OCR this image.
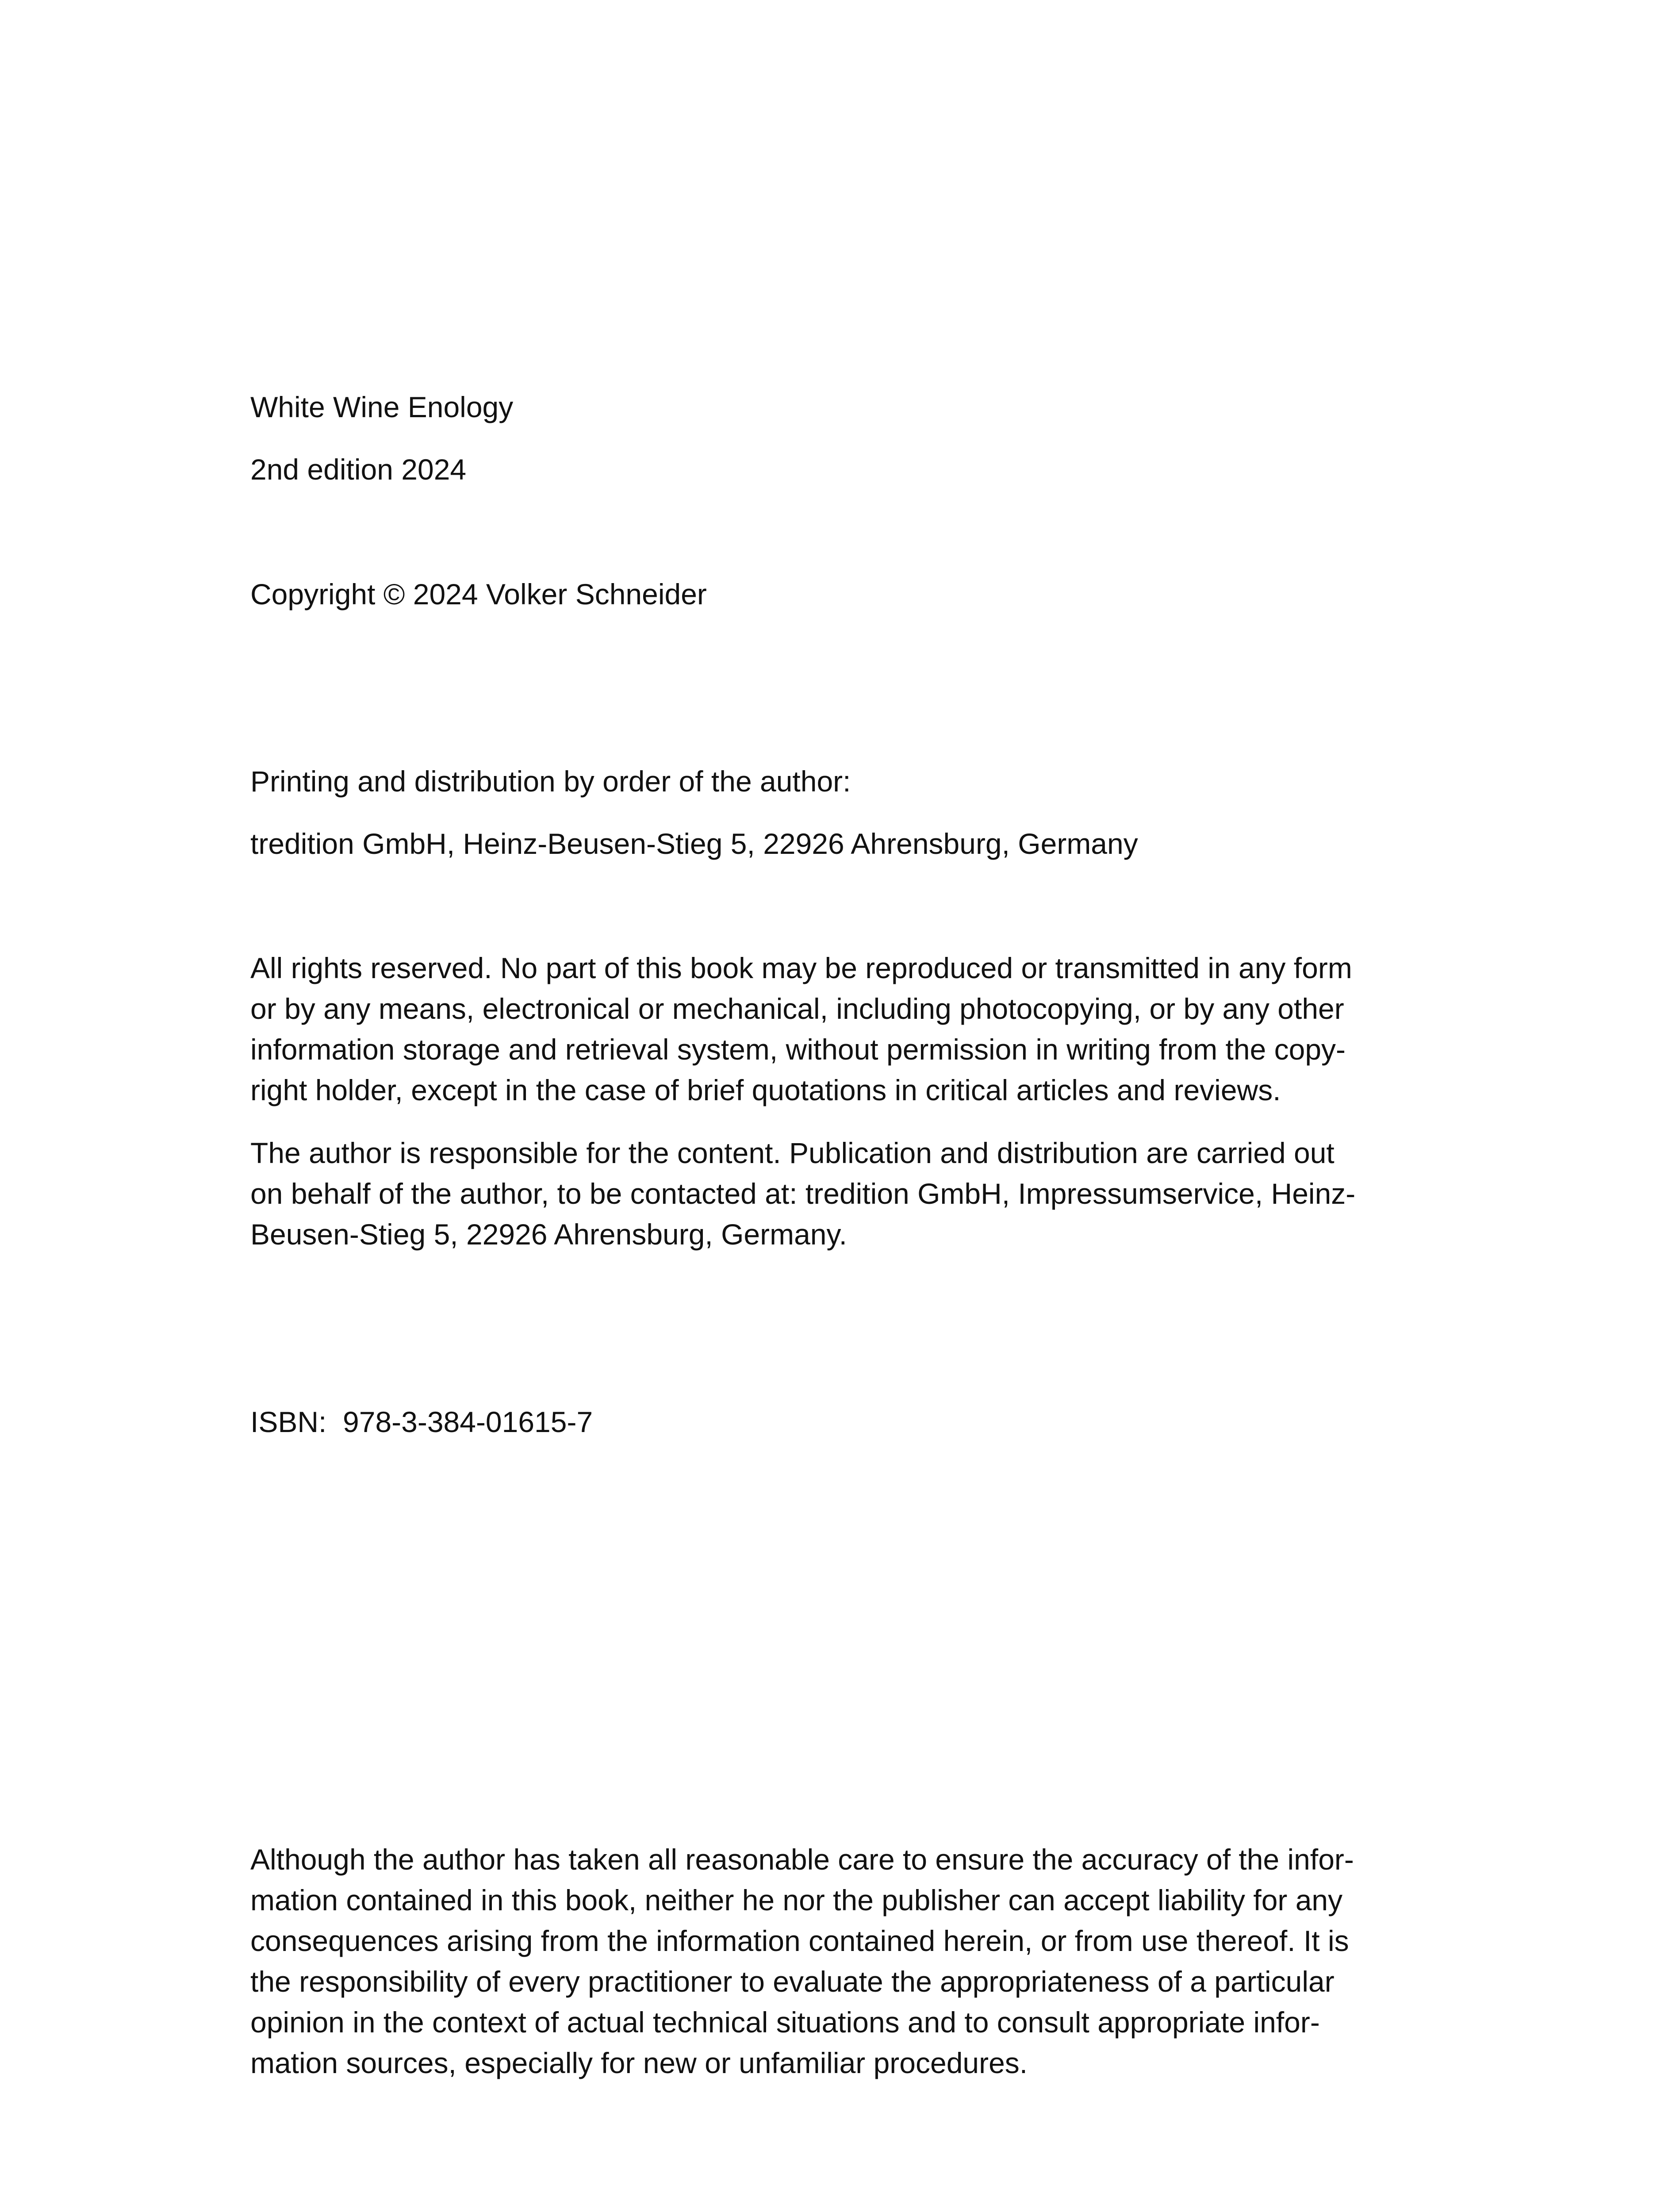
White Wine Enology
2nd edition 2024
Copyright © 2024 Volker Schneider
Printing and distribution by order of the author:
tredition GmbH, Heinz-Beusen-Stieg 5, 22926 Ahrensburg, Germany
All rights reserved. No part of this book may be reproduced or transmitted in any form
or by any means, electronical or mechanical, including photocopying, or by any other
information storage and retrieval system, without permission in writing from the copy-
right holder, except in the case of brief quotations in critical articles and reviews.
The author is responsible for the content. Publication and distribution are carried out
on behalf of the author, to be contacted at: tredition GmbH, Impressumservice, Heinz-
Beusen-Stieg 5, 22926 Ahrensburg, Germany.
ISBN:  978-3-384-01615-7
Although the author has taken all reasonable care to ensure the accuracy of the infor-
mation contained in this book, neither he nor the publisher can accept liability for any
consequences arising from the information contained herein, or from use thereof. It is
the responsibility of every practitioner to evaluate the appropriateness of a particular
opinion in the context of actual technical situations and to consult appropriate infor-
mation sources, especially for new or unfamiliar procedures.
